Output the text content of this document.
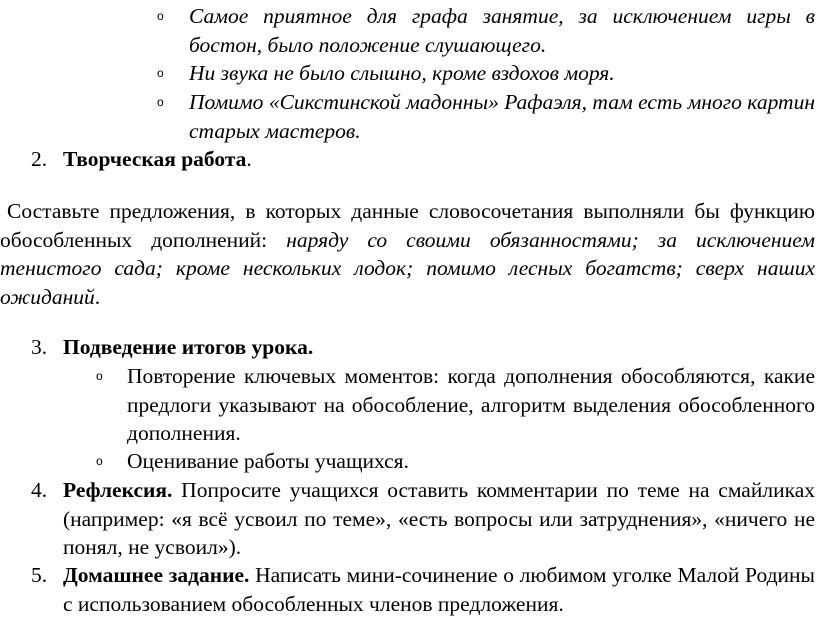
o Самое приятное для графа занятие, за исключением игры в бостон, было положение слушающего.
o Ни звука не было слышно, кроме вздохов моря.
o Помимо «Сикстинской мадонны» Рафаэля, там есть много картин старых мастеров.
2. Творческая работа.
Составьте предложения, в которых данные словосочетания выполняли бы функцию обособленных дополнений: наряду со своими обязанностями; за исключением тенистого сада; кроме нескольких лодок; помимо лесных богатств; сверх наших ожиданий.
3. Подведение итогов урока.
o Повторение ключевых моментов: когда дополнения обособляются, какие предлоги указывают на обособление, алгоритм выделения обособленного дополнения.
o Оценивание работы учащихся.
4. Рефлексия. Попросите учащихся оставить комментарии по теме на смайликах (например: «я всё усвоил по теме», «есть вопросы или затруднения», «ничего не понял, не усвоил»).
5. Домашнее задание. Написать мини-сочинение о любимом уголке Малой Родины с использованием обособленных членов предложения.
